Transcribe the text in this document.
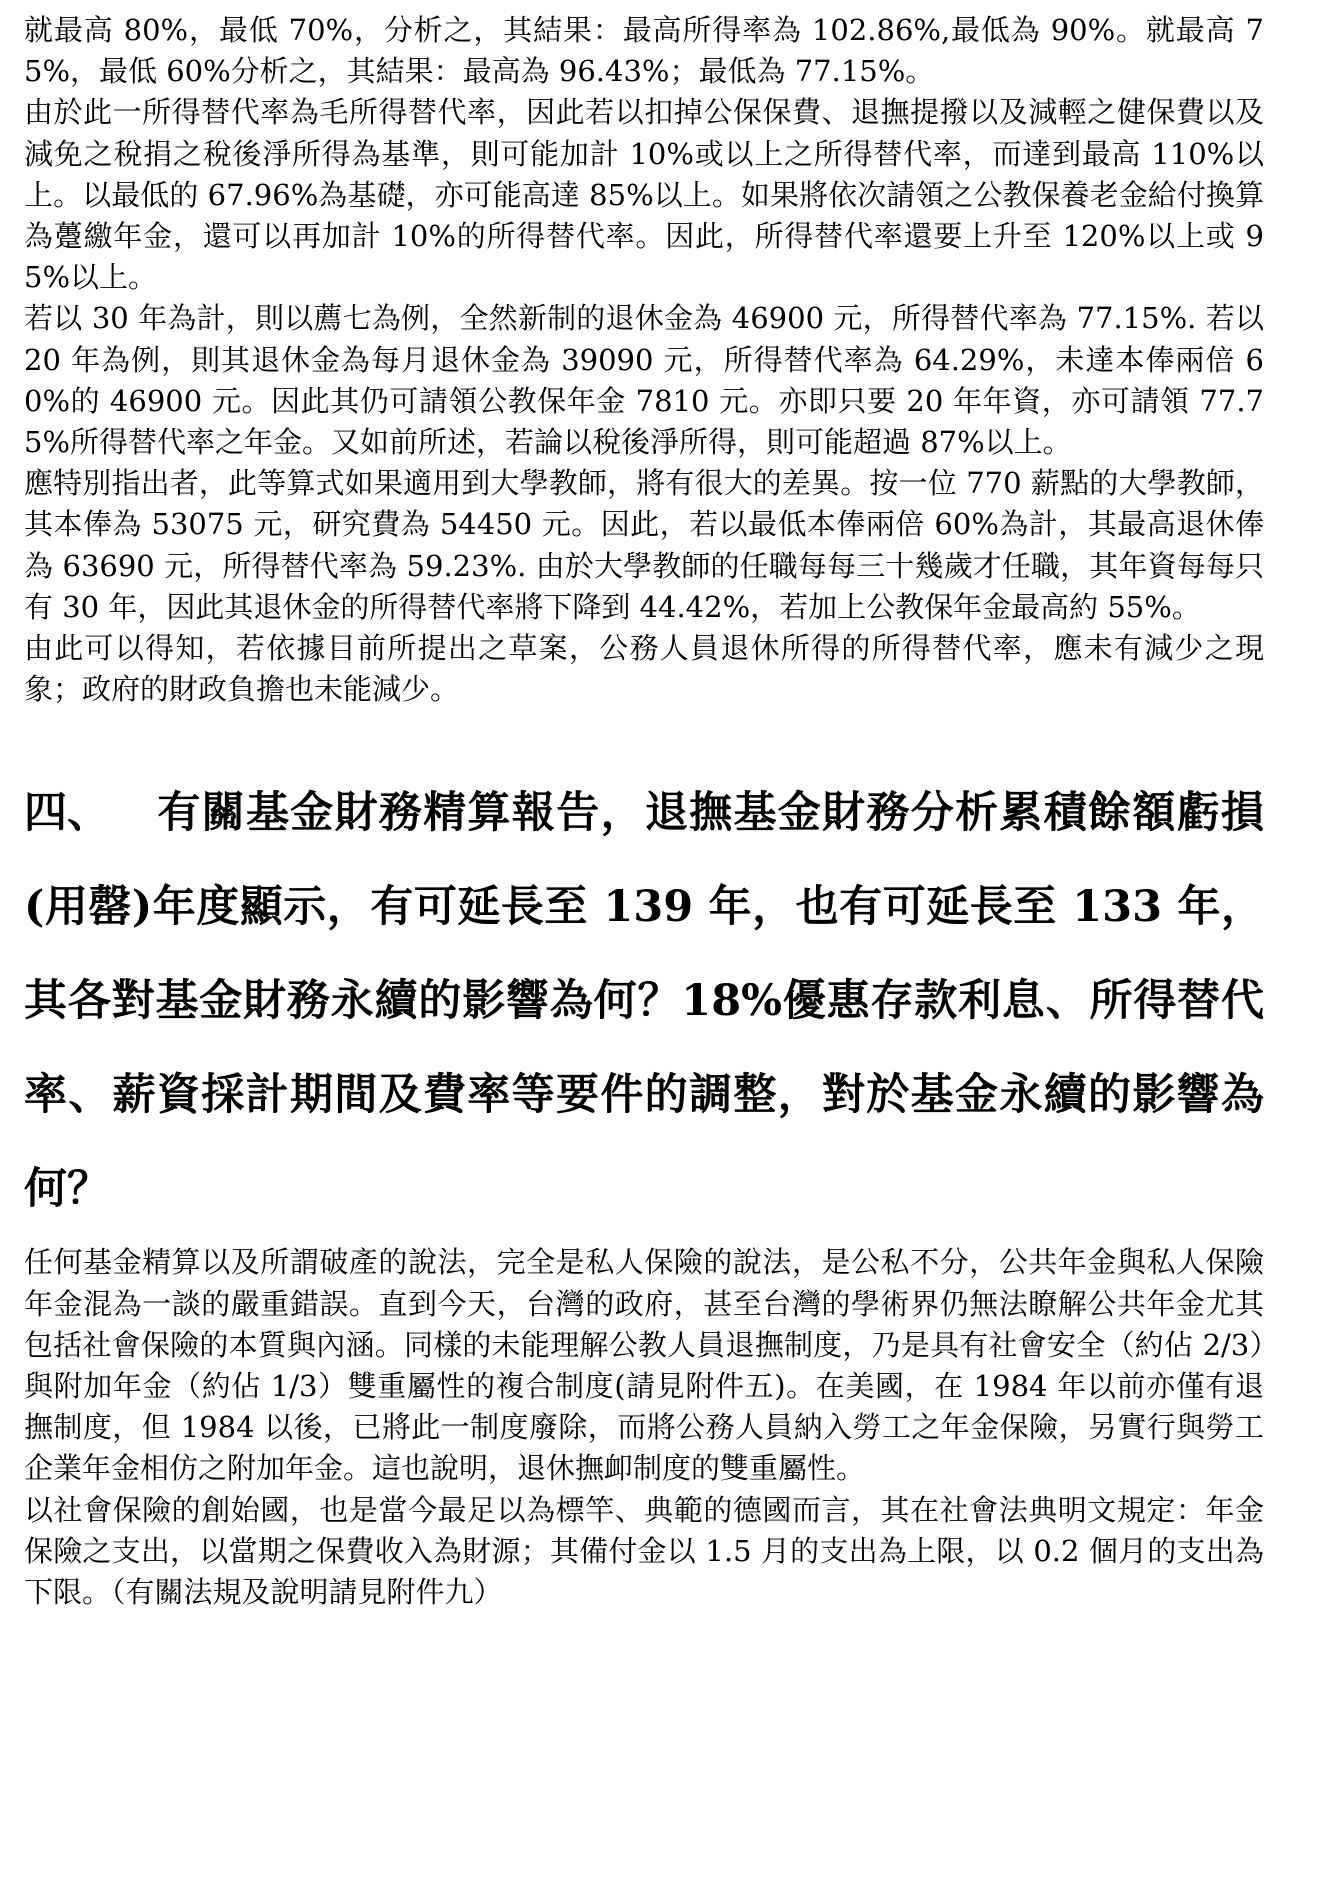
就最高 80%，最低 70%，分析之，其結果：最高所得率為 102.86%,最低為 90%。就最高 75%，最低 60%分析之，其結果：最高為 96.43%；最低為 77.15%。

由於此一所得替代率為毛所得替代率，因此若以扣掉公保保費、退撫提撥以及減輕之健保費以及減免之稅捐之稅後淨所得為基準，則可能加計 10%或以上之所得替代率，而達到最高 110%以上。以最低的 67.96%為基礎，亦可能高達 85%以上。如果將依次請領之公教保養老金給付換算為躉繳年金，還可以再加計 10%的所得替代率。因此，所得替代率還要上升至 120%以上或 95%以上。

若以 30 年為計，則以薦七為例，全然新制的退休金為 46900 元，所得替代率為 77.15%. 若以 20 年為例，則其退休金為每月退休金為 39090 元，所得替代率為 64.29%，未達本俸兩倍 60%的 46900 元。因此其仍可請領公教保年金 7810 元。亦即只要 20 年年資，亦可請領 77.75%所得替代率之年金。又如前所述，若論以稅後淨所得，則可能超過 87%以上。

應特別指出者，此等算式如果適用到大學教師，將有很大的差異。按一位 770 薪點的大學教師，其本俸為 53075 元，研究費為 54450 元。因此，若以最低本俸兩倍 60%為計，其最高退休俸為 63690 元，所得替代率為 59.23%. 由於大學教師的任職每每三十幾歲才任職，其年資每每只有 30 年，因此其退休金的所得替代率將下降到 44.42%，若加上公教保年金最高約 55%。

由此可以得知，若依據目前所提出之草案，公務人員退休所得的所得替代率，應未有減少之現象；政府的財政負擔也未能減少。

四、 有關基金財務精算報告，退撫基金財務分析累積餘額虧損(用罄)年度顯示，有可延長至 139 年，也有可延長至 133 年，其各對基金財務永續的影響為何？18%優惠存款利息、所得替代率、薪資採計期間及費率等要件的調整，對於基金永續的影響為何？

任何基金精算以及所謂破產的說法，完全是私人保險的說法，是公私不分，公共年金與私人保險年金混為一談的嚴重錯誤。直到今天，台灣的政府，甚至台灣的學術界仍無法瞭解公共年金尤其包括社會保險的本質與內涵。同樣的未能理解公教人員退撫制度，乃是具有社會安全（約佔 2/3）與附加年金（約佔 1/3）雙重屬性的複合制度(請見附件五)。在美國，在 1984 年以前亦僅有退撫制度，但 1984 以後，已將此一制度廢除，而將公務人員納入勞工之年金保險，另實行與勞工企業年金相仿之附加年金。這也說明，退休撫卹制度的雙重屬性。

以社會保險的創始國，也是當今最足以為標竿、典範的德國而言，其在社會法典明文規定：年金保險之支出，以當期之保費收入為財源；其備付金以 1.5 月的支出為上限，以 0.2 個月的支出為下限。（有關法規及說明請見附件九）
